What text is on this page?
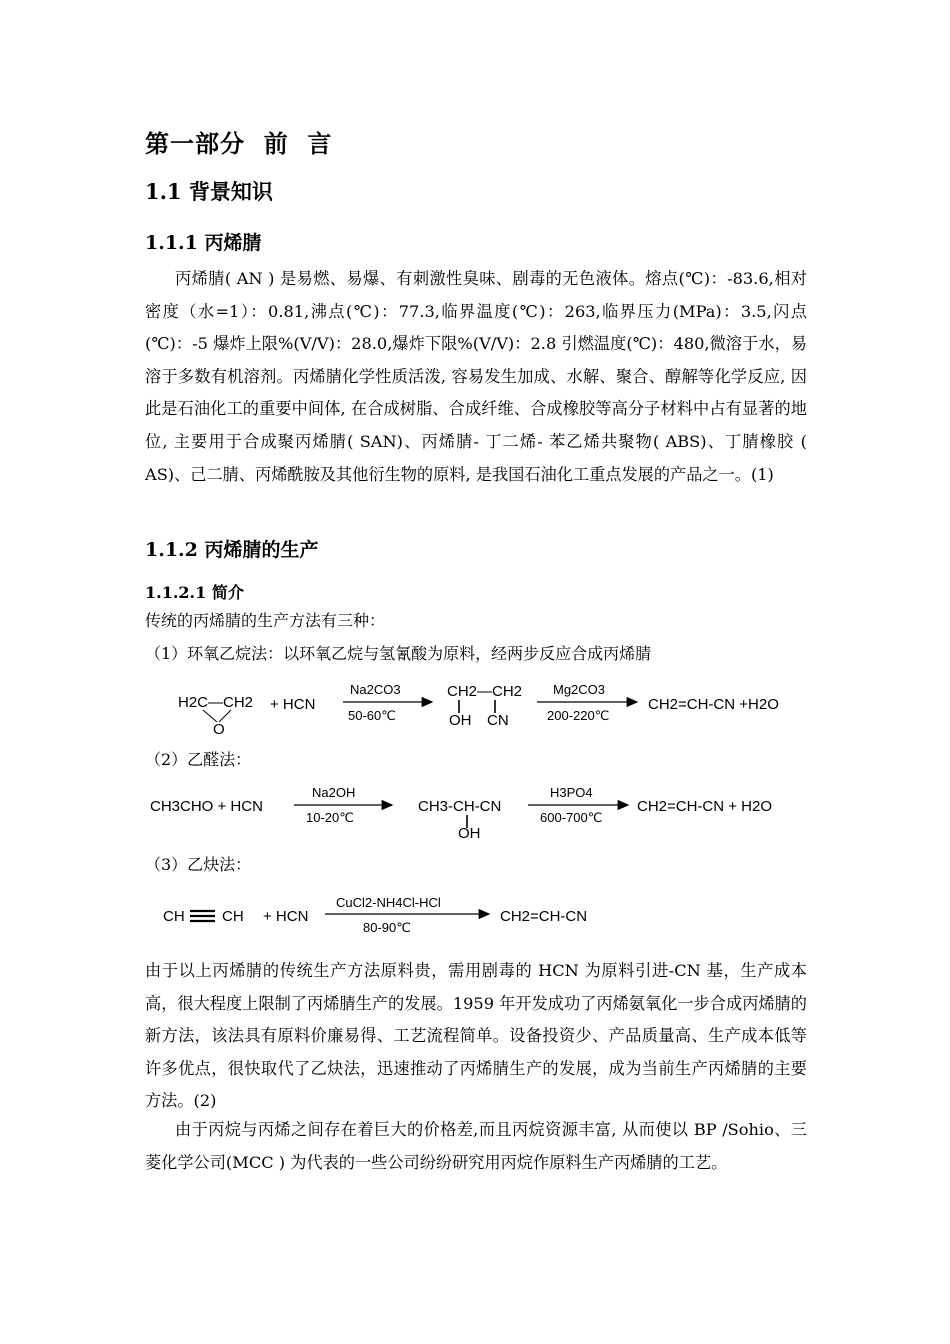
第一部分  前  言
1.1 背景知识
1.1.1 丙烯腈
丙烯腈( AN ) 是易燃、易爆、有刺激性臭味、剧毒的无色液体。熔点(℃)：-83.6,相对密度（水=1）：0.81,沸点(℃)：77.3,临界温度(℃)：263,临界压力(MPa)：3.5,闪点(℃)：-5 爆炸上限%(V/V)：28.0,爆炸下限%(V/V)：2.8 引燃温度(℃)：480,微溶于水，易溶于多数有机溶剂。丙烯腈化学性质活泼, 容易发生加成、水解、聚合、醇解等化学反应, 因此是石油化工的重要中间体, 在合成树脂、合成纤维、合成橡胶等高分子材料中占有显著的地位, 主要用于合成聚丙烯腈( SAN)、丙烯腈- 丁二烯- 苯乙烯共聚物( ABS)、丁腈橡胶 ( AS)、己二腈、丙烯酰胺及其他衍生物的原料, 是我国石油化工重点发展的产品之一。(1)
1.1.2 丙烯腈的生产
1.1.2.1 简介
传统的丙烯腈的生产方法有三种：
（1）环氧乙烷法：以环氧乙烷与氢氰酸为原料，经两步反应合成丙烯腈
H2C—CH2
O
+ HCN
Na2CO3
50-60℃
CH2—CH2
OH CN
Mg2CO3
200-220℃
CH2=CH-CN +H2O
CH3CHO + HCN
Na2OH
10-20℃
CH3-CH-CN
OH
H3PO4
600-700℃
CH2=CH-CN + H2O
CH CH + HCN
CuCl2-NH4Cl-HCl
80-90℃
CH2=CH-CN
（2）乙醛法：
（3）乙炔法：
由于以上丙烯腈的传统生产方法原料贵，需用剧毒的 HCN 为原料引进-CN 基，生产成本高，很大程度上限制了丙烯腈生产的发展。1959 年开发成功了丙烯氨氧化一步合成丙烯腈的新方法，该法具有原料价廉易得、工艺流程简单。设备投资少、产品质量高、生产成本低等许多优点，很快取代了乙炔法，迅速推动了丙烯腈生产的发展，成为当前生产丙烯腈的主要方法。(2)
由于丙烷与丙烯之间存在着巨大的价格差,而且丙烷资源丰富, 从而使以 BP /Sohio、三菱化学公司(MCC ) 为代表的一些公司纷纷研究用丙烷作原料生产丙烯腈的工艺。
